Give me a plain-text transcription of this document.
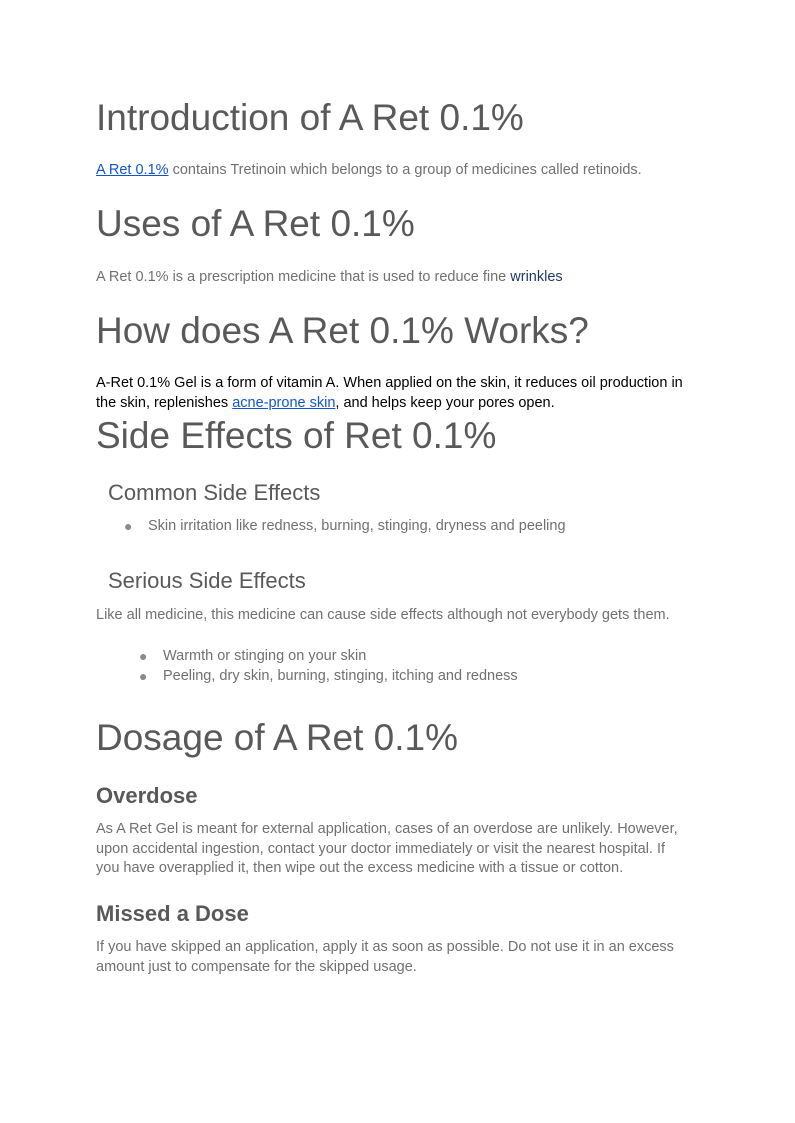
Introduction of A Ret 0.1%

A Ret 0.1% contains Tretinoin which belongs to a group of medicines called retinoids.

Uses of A Ret 0.1%

A Ret 0.1% is a prescription medicine that is used to reduce fine wrinkles

How does A Ret 0.1% Works?

A-Ret 0.1% Gel is a form of vitamin A. When applied on the skin, it reduces oil production in

the skin, replenishes acne-prone skin, and helps keep your pores open.

Side Effects of Ret 0.1%
Common Side Effects
● Skin irritation like redness, burning, stinging, dryness and peeling
Serious Side Effects

Like all medicine, this medicine can cause side effects although not everybody gets them.

● Warmth or stinging on your skin
● Peeling, dry skin, burning, stinging, itching and redness
Dosage of A Ret 0.1%
Overdose

As A Ret Gel is meant for external application, cases of an overdose are unlikely. However,

upon accidental ingestion, contact your doctor immediately or visit the nearest hospital. If

you have overapplied it, then wipe out the excess medicine with a tissue or cotton.

Missed a Dose

If you have skipped an application, apply it as soon as possible. Do not use it in an excess

amount just to compensate for the skipped usage.
